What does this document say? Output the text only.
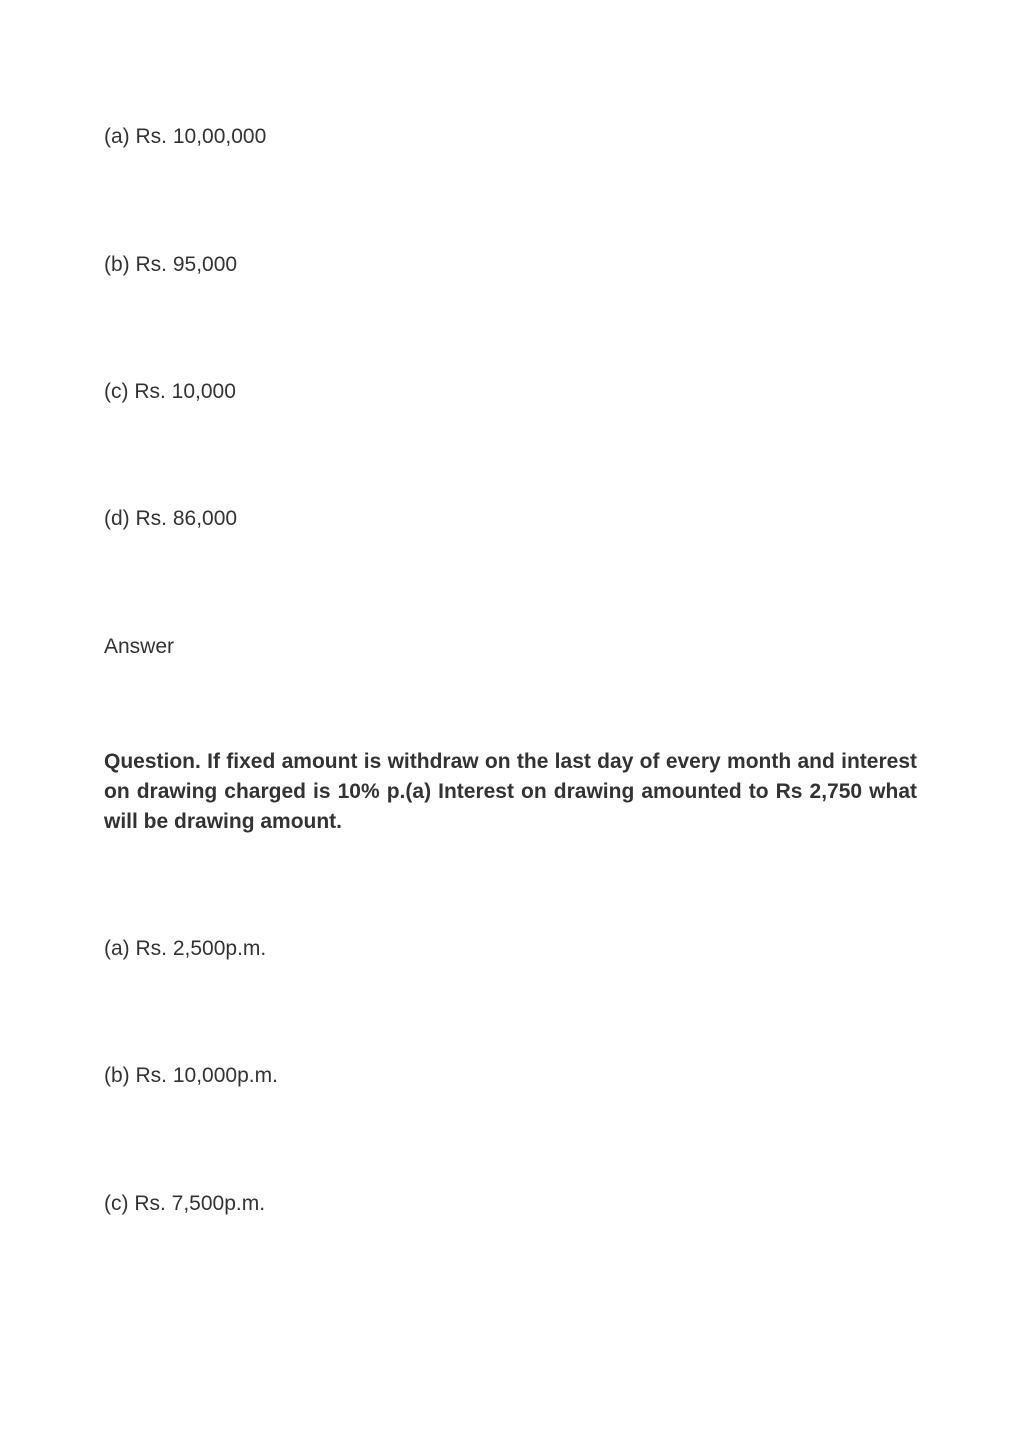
(a) Rs. 10,00,000
(b) Rs. 95,000
(c) Rs. 10,000
(d) Rs. 86,000
Answer
Question. If fixed amount is withdraw on the last day of every month and interest on drawing charged is 10% p.(a) Interest on drawing amounted to Rs 2,750 what will be drawing amount.
(a) Rs. 2,500p.m.
(b) Rs. 10,000p.m.
(c) Rs. 7,500p.m.
